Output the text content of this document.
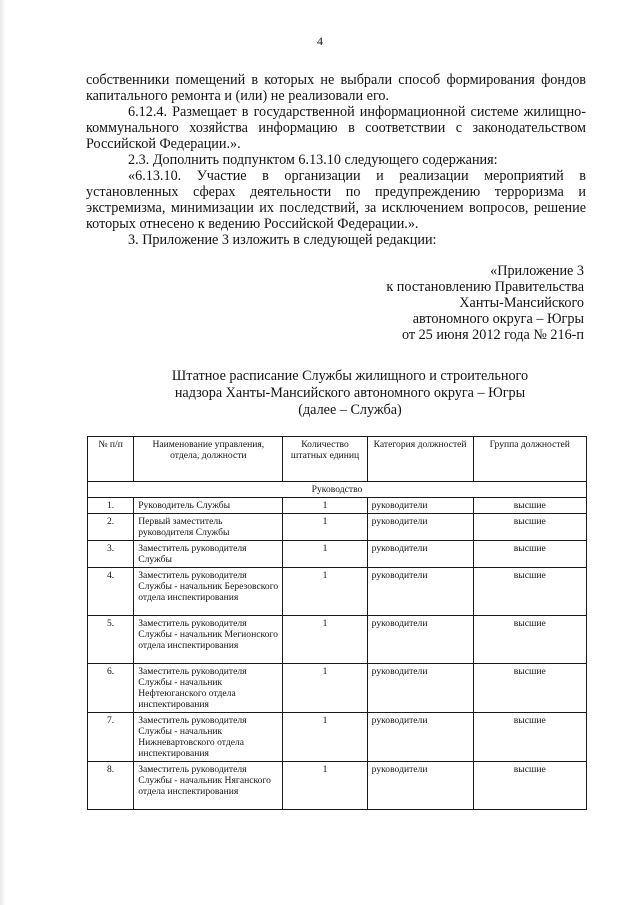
4

собственники помещений в которых не выбрали способ формирования фондов капитального ремонта и (или) не реализовали его.

6.12.4. Размещает в государственной информационной системе жилищно-коммунального хозяйства информацию в соответствии с законодательством Российской Федерации.».

2.3. Дополнить подпунктом 6.13.10 следующего содержания:

«6.13.10. Участие в организации и реализации мероприятий в установленных сферах деятельности по предупреждению терроризма и экстремизма, минимизации их последствий, за исключением вопросов, решение которых отнесено к ведению Российской Федерации.».

3. Приложение 3 изложить в следующей редакции:

«Приложение 3
к постановлению Правительства
Ханты-Мансийского
автономного округа – Югры
от 25 июня 2012 года № 216-п
Штатное расписание Службы жилищного и строительного
надзора Ханты-Мансийского автономного округа – Югры
(далее – Служба)
№ п/п	Наименование управления, отдела, должности	Количество штатных единиц	Категория должностей	Группа должностей
Руководство				
1.	Руководитель Службы	1	руководители	высшие
2.	Первый заместитель руководителя Службы	1	руководители	высшие
3.	Заместитель руководителя Службы	1	руководители	высшие
4.	Заместитель руководителя Службы - начальник Березовского отдела инспектирования	1	руководители	высшие
5.	Заместитель руководителя Службы - начальник Мегионского отдела инспектирования	1	руководители	высшие
6.	Заместитель руководителя Службы - начальник Нефтеюганского отдела инспектирования	1	руководители	высшие
7.	Заместитель руководителя Службы - начальник Нижневартовского отдела инспектирования	1	руководители	высшие
8.	Заместитель руководителя Службы - начальник Няганского отдела инспектирования	1	руководители	высшие
